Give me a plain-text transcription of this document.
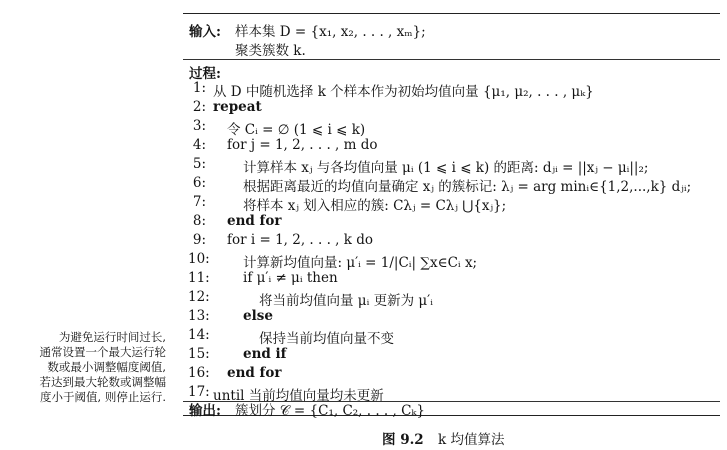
为避免运行时间过长,
通常设置一个最大运行轮
数或最小调整幅度阈值,
若达到最大轮数或调整幅
度小于阈值, 则停止运行.
输入: 样本集 D = {x₁, x₂, . . . , xₘ};
聚类簇数 k.
过程:
1: 从 D 中随机选择 k 个样本作为初始均值向量 {μ₁, μ₂, . . . , μₖ}
2: repeat
3: 令 Cᵢ = ∅ (1 ⩽ i ⩽ k)
4: for j = 1, 2, . . . , m do
5:	计算样本 xⱼ 与各均值向量 μᵢ (1 ⩽ i ⩽ k) 的距离: dⱼᵢ = ||xⱼ − μᵢ||₂;
6:	根据距离最近的均值向量确定 xⱼ 的簇标记: λⱼ = arg minᵢ∈{1,2,...,k} dⱼᵢ;
7:	将样本 xⱼ 划入相应的簇: Cλⱼ = Cλⱼ ⋃{xⱼ};
8: end for
9: for i = 1, 2, . . . , k do
10: 计算新均值向量: μ′ᵢ = 1/|Cᵢ| ∑x∈Cᵢ x;
11: if μ′ᵢ ≠ μᵢ then
12:	将当前均值向量 μᵢ 更新为 μ′ᵢ
13: else
14:	保持当前均值向量不变
15: end if
16: end for
17: until 当前均值向量均未更新
输出: 簇划分 𝒞 = {C₁, C₂, . . . , Cₖ}
图 9.2 k 均值算法
